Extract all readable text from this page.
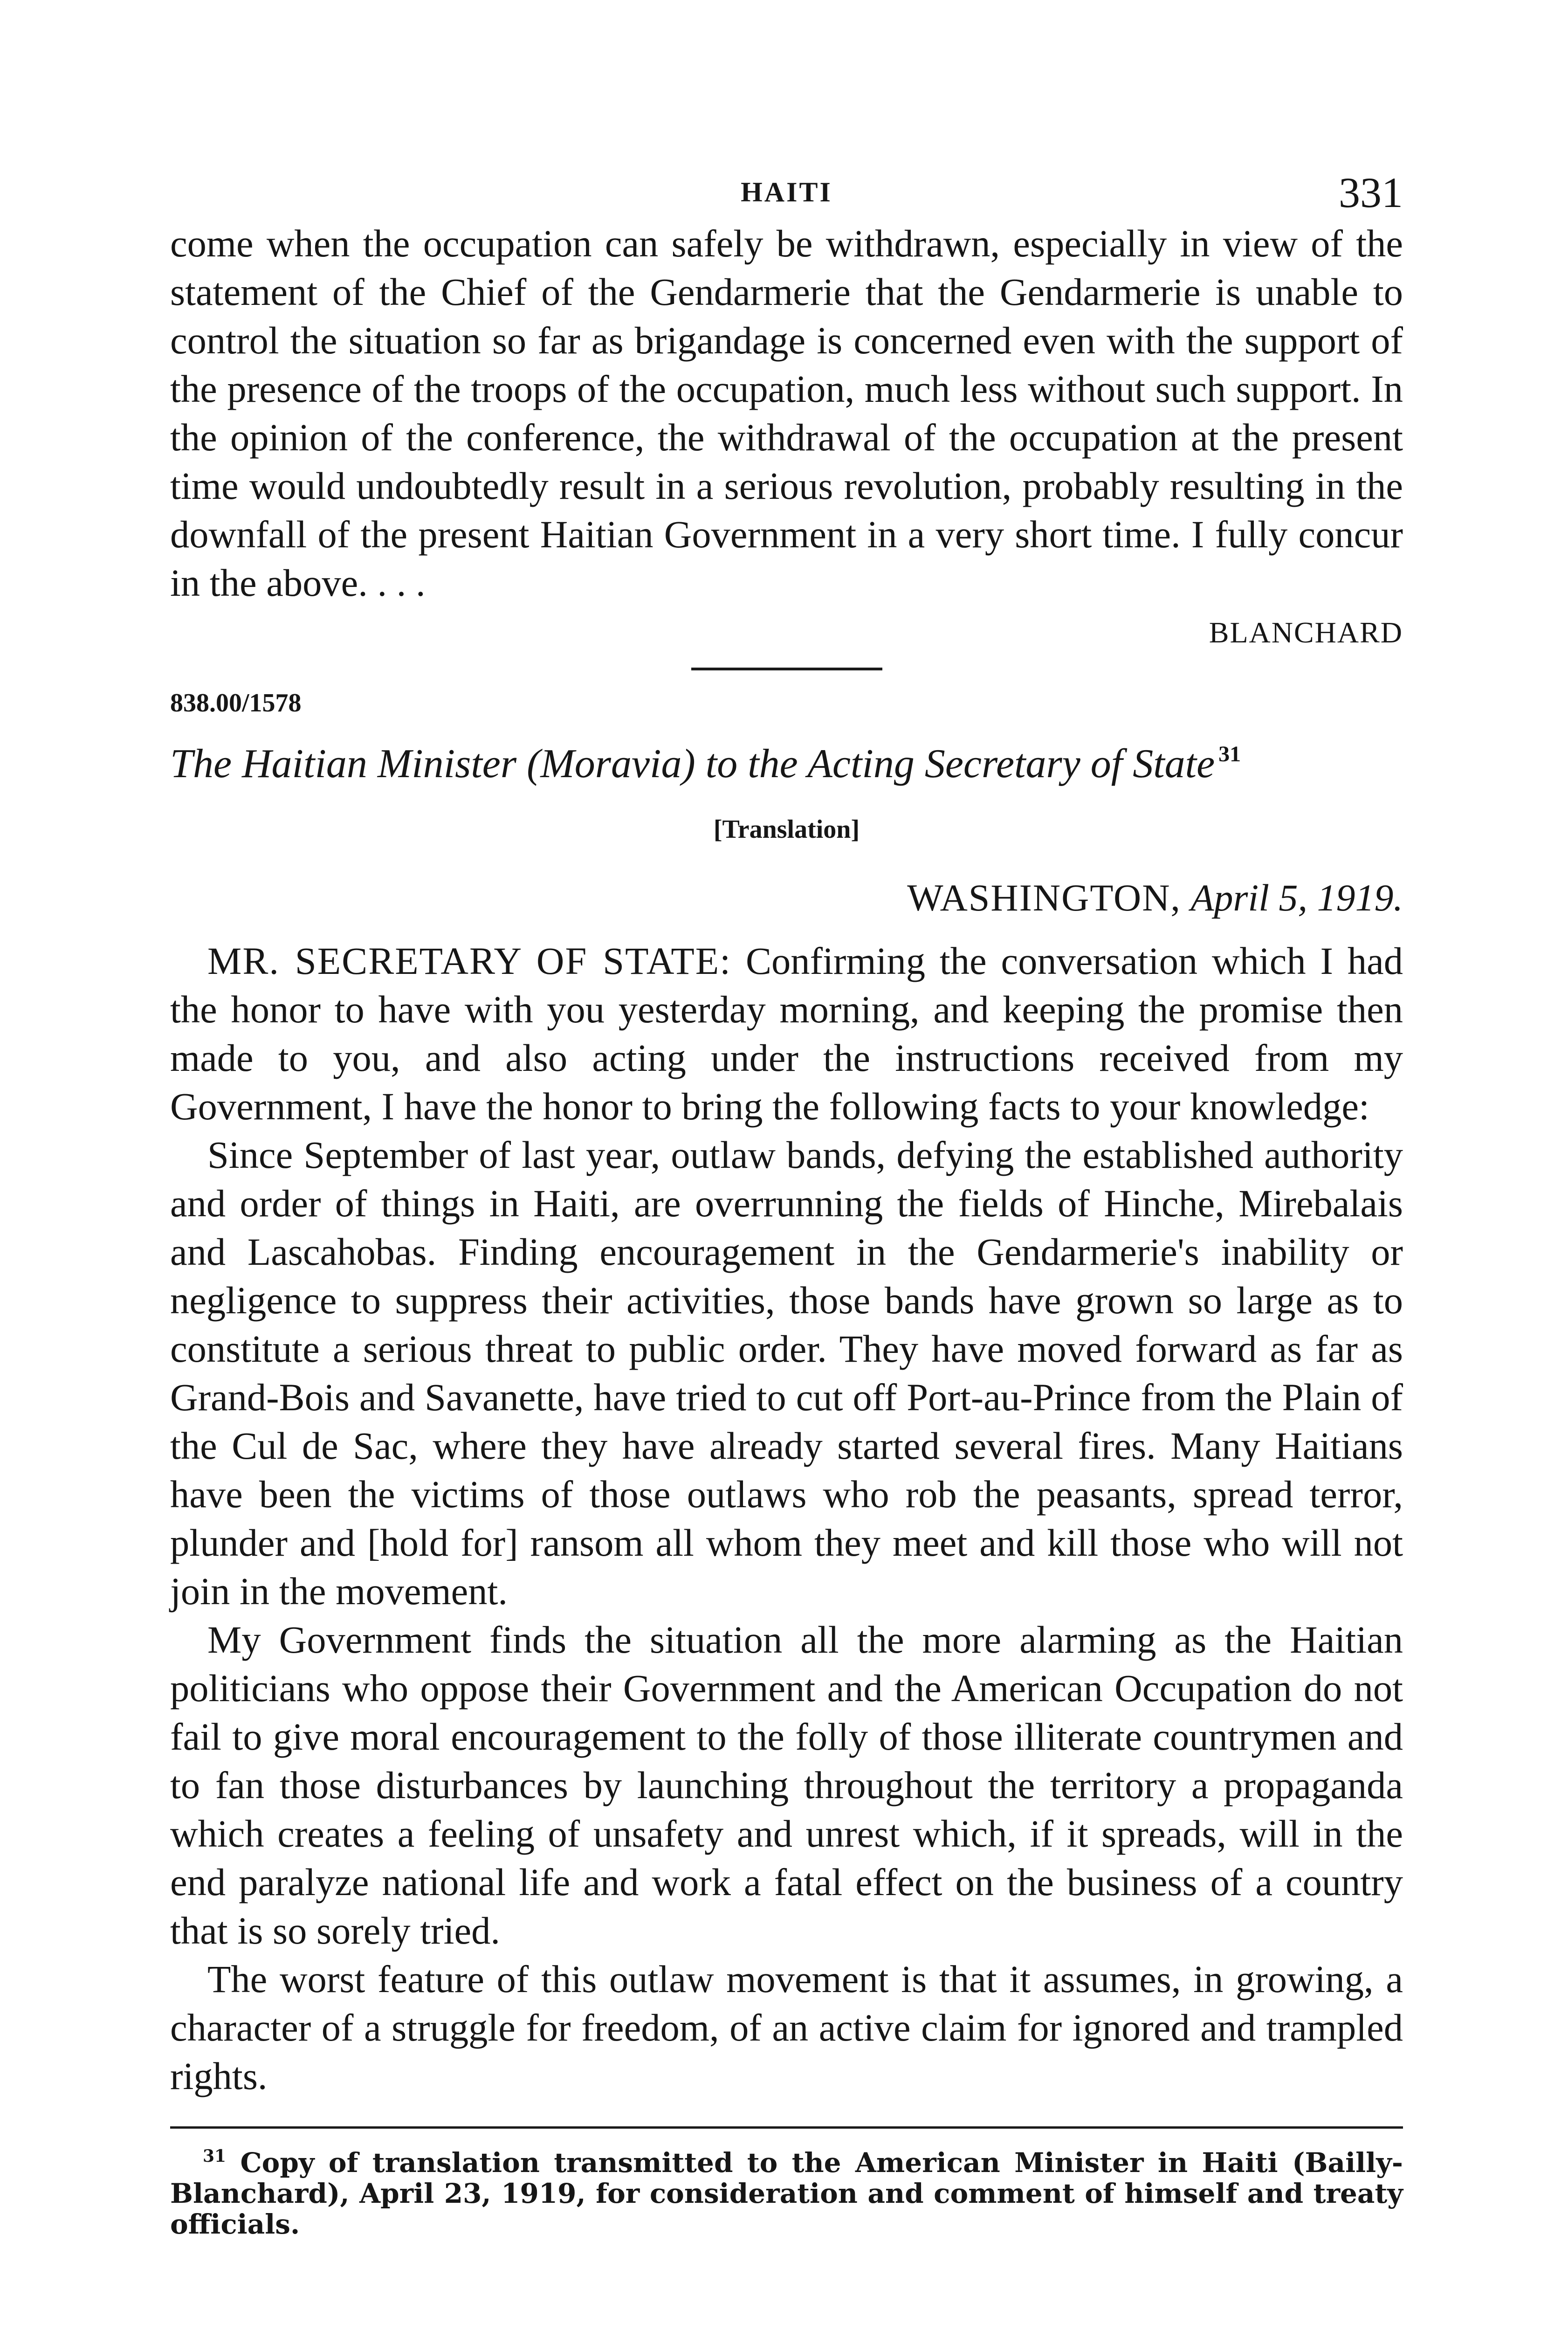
HAITI	331

come when the occupation can safely be withdrawn, especially in view of the statement of the Chief of the Gendarmerie that the Gendarmerie is unable to control the situation so far as brigandage is concerned even with the support of the presence of the troops of the occupation, much less without such support. In the opinion of the conference, the withdrawal of the occupation at the present time would undoubtedly result in a serious revolution, probably resulting in the downfall of the present Haitian Government in a very short time. I fully concur in the above. . . .

BLANCHARD
838.00/1578
The Haitian Minister (Moravia) to the Acting Secretary of State $^{31}$
[Translation]
WASHINGTON, April 5, 1919.

MR. SECRETARY OF STATE: Confirming the conversation which I had the honor to have with you yesterday morning, and keeping the promise then made to you, and also acting under the instructions received from my Government, I have the honor to bring the following facts to your knowledge:

Since September of last year, outlaw bands, defying the established authority and order of things in Haiti, are overrunning the fields of Hinche, Mirebalais and Lascahobas. Finding encouragement in the Gendarmerie's inability or negligence to suppress their activities, those bands have grown so large as to constitute a serious threat to public order. They have moved forward as far as Grand-Bois and Savanette, have tried to cut off Port-au-Prince from the Plain of the Cul de Sac, where they have already started several fires. Many Haitians have been the victims of those outlaws who rob the peasants, spread terror, plunder and [hold for] ransom all whom they meet and kill those who will not join in the movement.

My Government finds the situation all the more alarming as the Haitian politicians who oppose their Government and the American Occupation do not fail to give moral encouragement to the folly of those illiterate countrymen and to fan those disturbances by launching throughout the territory a propaganda which creates a feeling of unsafety and unrest which, if it spreads, will in the end paralyze national life and work a fatal effect on the business of a country that is so sorely tried.

The worst feature of this outlaw movement is that it assumes, in growing, a character of a struggle for freedom, of an active claim for ignored and trampled rights.

$^{31}$ Copy of translation transmitted to the American Minister in Haiti (Bailly-Blanchard), April 23, 1919, for consideration and comment of himself and treaty officials.
